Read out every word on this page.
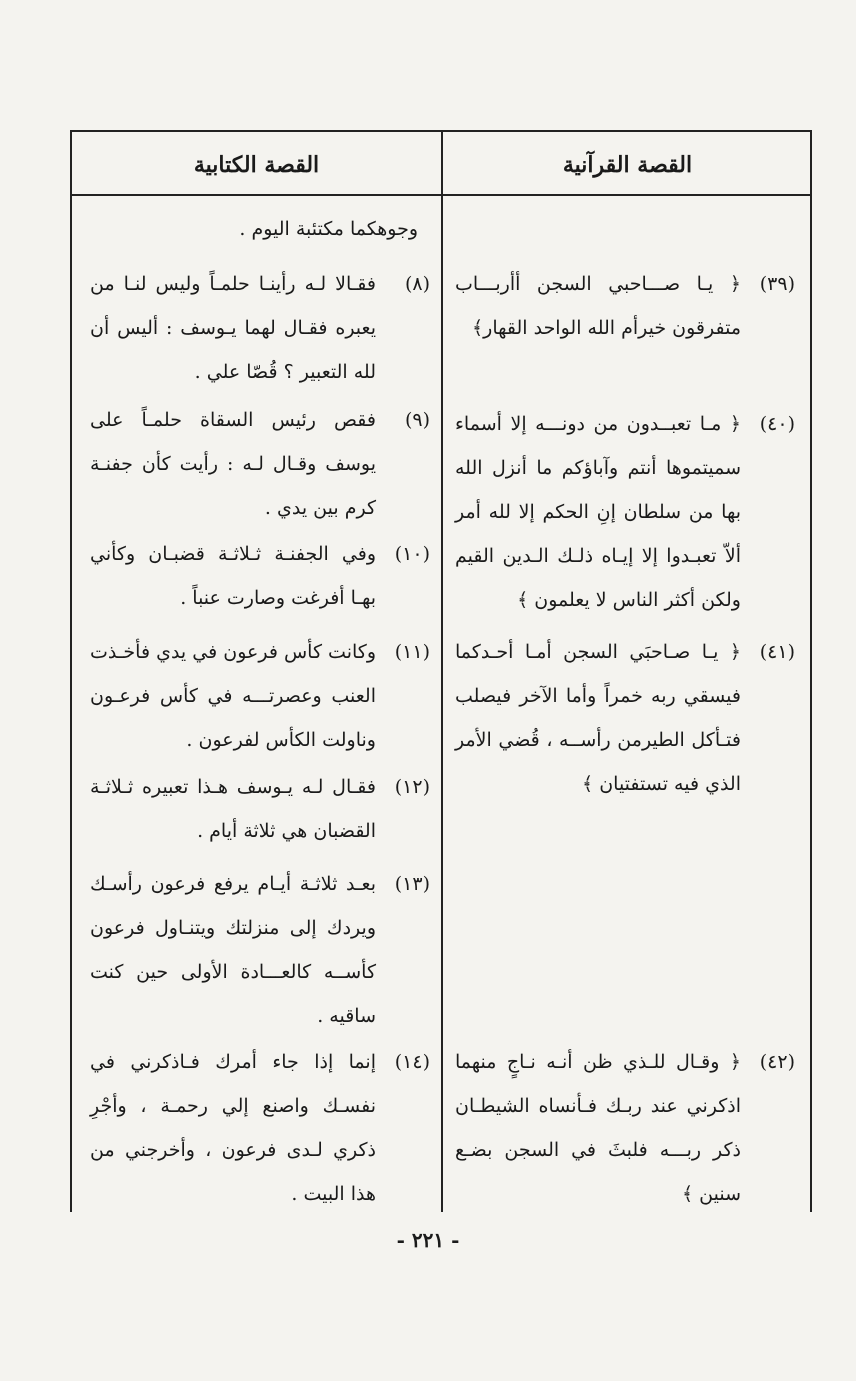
القصة القرآنية
القصة الكتابية
(٣٩)
﴿ يـا صـــاحبي السجن أأربـــاب متفرقون خيرأم الله الواحد القهار﴾
(٤٠)
﴿ مـا تعبــدون من دونـــه إلا أسماء سميتموها أنتم وآباؤكم ما أنزل الله بها من سلطان إنِ الحكم إلا لله أمر ألاّ تعبـدوا إلا إيـاه ذلـك الـدين القيم ولكن أكثر الناس لا يعلمون ﴾
(٤١)
﴿ يـا صـاحبَي السجن أمـا أحـدكما فيسقي ربه خمراً وأما الآخر فيصلب فتـأكل الطيرمن رأســه ، قُضي الأمر الذي فيه تستفتيان ﴾
(٤٢)
﴿ وقـال للـذي ظن أنـه نـاجٍ منهما اذكرني عند ربـك فـأنساه الشيطـان ذكر ربـــه فلبثَ في السجن بضـع سنين ﴾
وجوهكما مكتئبة اليوم .
(٨)
فقـالا لـه رأينـا حلمـاً وليس لنـا من يعبره فقـال لهما يـوسف : أليس أن لله التعبير ؟ قُصّا علي .
(٩)
فقص رئيس السقاة حلمـاً على يوسف وقـال لـه : رأيت كأن جفنـة كرم بين يدي .
(١٠)
وفي الجفنـة ثـلاثـة قضبـان وكأني بهـا أفرغت وصارت عنباً .
(١١)
وكانت كأس فرعون في يدي فأخـذت العنب وعصرتـــه في كأس فرعـون وناولت الكأس لفرعون .
(١٢)
فقـال لـه يـوسف هـذا تعبيره ثـلاثـة القضبان هي ثلاثة أيام .
(١٣)
بعـد ثلاثـة أيـام يرفع فرعون رأسـك ويردك إلى منزلتك ويتنـاول فرعون كأســه كالعـــادة الأولى حين كنت ساقيه .
(١٤)
إنما إذا جاء أمرك فـاذكرني في نفسـك واصنع إلي رحمـة ، وأجْرِ ذكري لـدى فرعون ، وأخرجني من هذا البيت .
- ٢٢١ -
